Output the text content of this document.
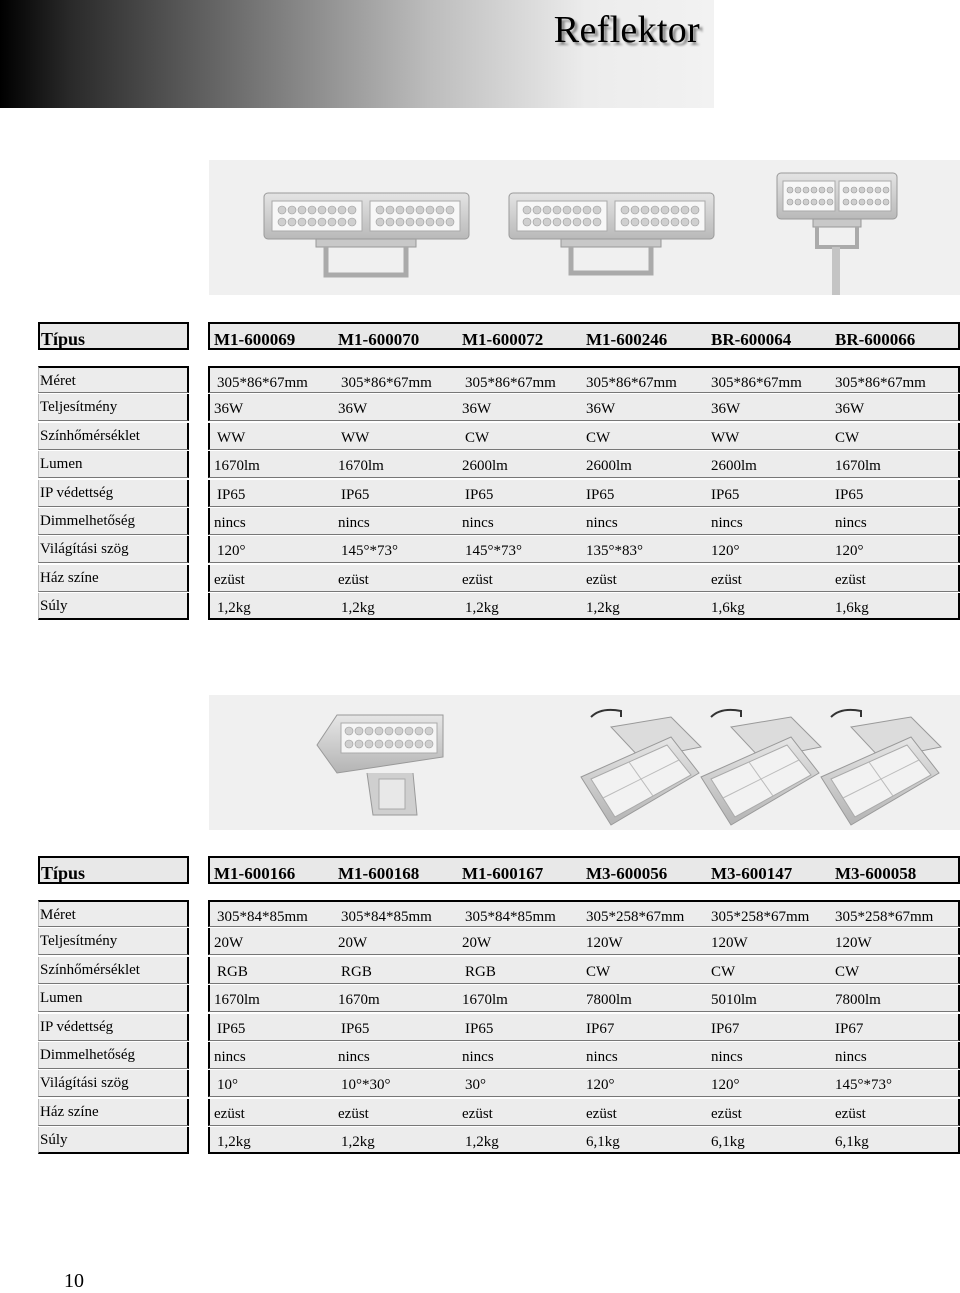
Reflektor
Típus	M1-600069	M1-600070	M1-600072	M1-600246	BR-600064	BR-600066
Méret	305*86*67mm 305*86*67mm 305*86*67mm 305*86*67mm 305*86*67mm 305*86*67mm
Teljesítmény	36W	36W	36W	36W	36W	36W
Színhőmérséklet	WW	WW	CW	CW	WW	CW
Lumen	1670lm	1670lm	2600lm	2600lm	2600lm	1670lm
IP védettség	IP65	IP65	IP65	IP65	IP65	IP65
Dimmelhetőség	nincs	nincs	nincs	nincs	nincs	nincs
Világítási szög	120°	145°*73°	145°*73°	135°*83°	120°	120°
Ház színe	ezüst	ezüst	ezüst	ezüst	ezüst	ezüst
Súly	1,2kg	1,2kg	1,2kg	1,2kg	1,6kg	1,6kg
Típus	M1-600166	M1-600168	M1-600167	M3-600056	M3-600147	M3-600058
Méret	305*84*85mm 305*84*85mm 305*84*85mm 305*258*67mm 305*258*67mm 305*258*67mm
Teljesítmény	20W	20W	20W	120W	120W	120W
Színhőmérséklet	RGB	RGB	RGB	CW	CW	CW
Lumen	1670lm	1670m	1670lm	7800lm	5010lm	7800lm
IP védettség	IP65	IP65	IP65	IP67	IP67	IP67
Dimmelhetőség	nincs	nincs	nincs	nincs	nincs	nincs
Világítási szög	10°	10°*30°	30°	120°	120°	145°*73°
Ház színe	ezüst	ezüst	ezüst	ezüst	ezüst	ezüst
Súly	1,2kg	1,2kg	1,2kg	6,1kg	6,1kg	6,1kg
10
